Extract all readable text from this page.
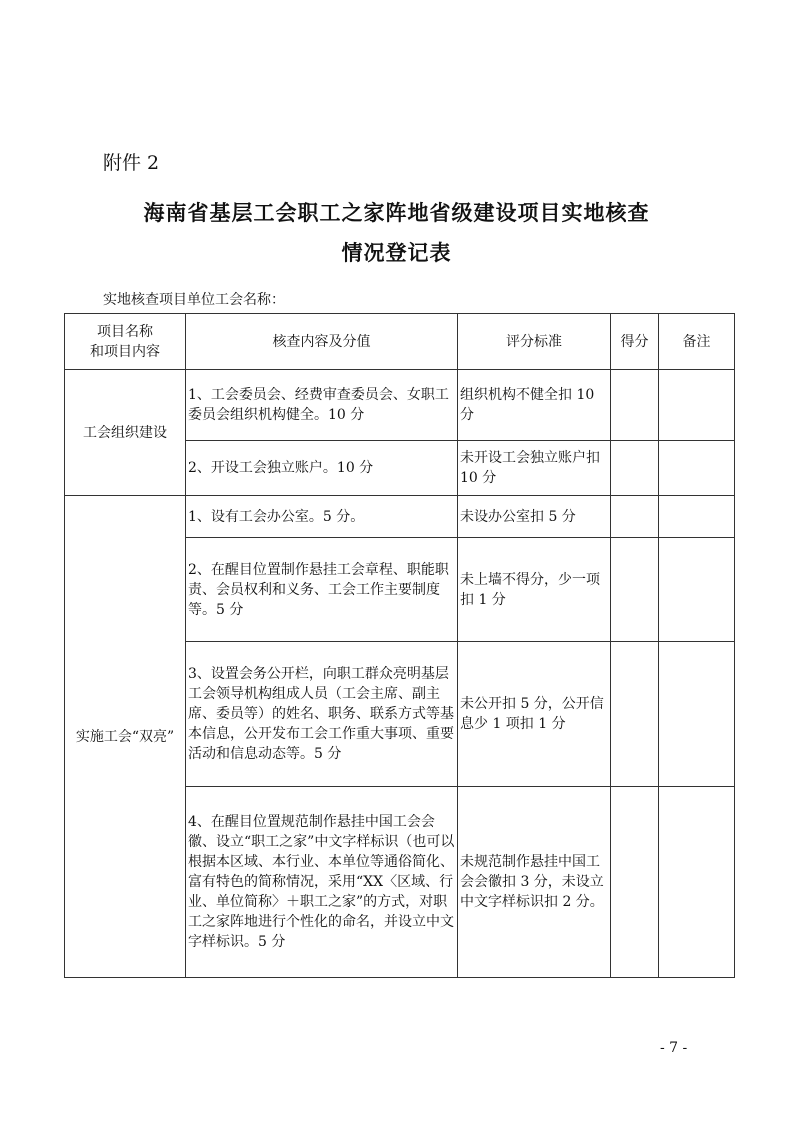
附件 2
海南省基层工会职工之家阵地省级建设项目实地核查
情况登记表
实地核查项目单位工会名称：
项目名称
和项目内容	核查内容及分值	评分标准	得分	备注
工会组织建设	1、工会委员会、经费审查委员会、女职工委员会组织机构健全。10 分	组织机构不健全扣 10 分		
	2、开设工会独立账户。10 分	未开设工会独立账户扣 10 分		
实施工会“双亮”	1、设有工会办公室。5 分。	未设办公室扣 5 分		
	2、在醒目位置制作悬挂工会章程、职能职责、会员权利和义务、工会工作主要制度等。5 分	未上墙不得分，少一项扣 1 分		
	3、设置会务公开栏，向职工群众亮明基层工会领导机构组成人员（工会主席、副主席、委员等）的姓名、职务、联系方式等基本信息，公开发布工会工作重大事项、重要活动和信息动态等。5 分	未公开扣 5 分，公开信息少 1 项扣 1 分		
	4、在醒目位置规范制作悬挂中国工会会徽、设立“职工之家”中文字样标识（也可以根据本区域、本行业、本单位等通俗简化、富有特色的简称情况，采用“XX〈区域、行业、单位简称〉＋职工之家”的方式，对职工之家阵地进行个性化的命名，并设立中文字样标识。5 分	未规范制作悬挂中国工会会徽扣 3 分，未设立中文字样标识扣 2 分。		
- 7 -
